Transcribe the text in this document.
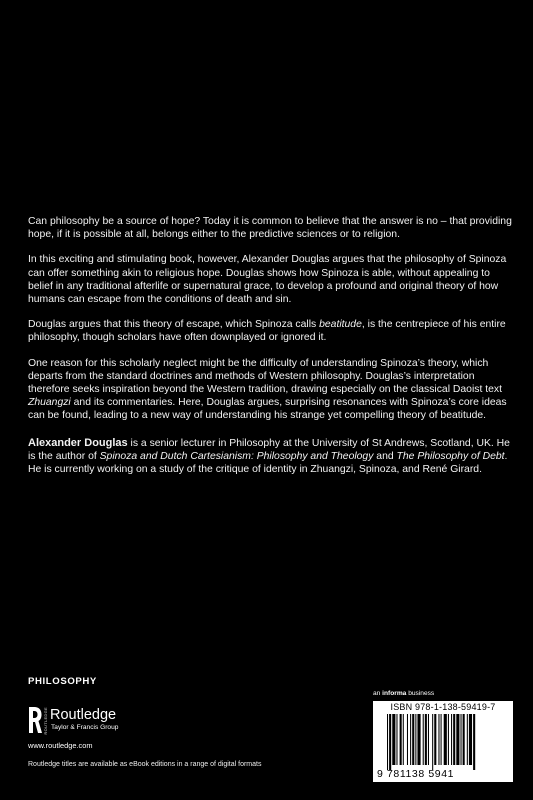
Can philosophy be a source of hope? Today it is common to believe that the answer is no – that providing hope, if it is possible at all, belongs either to the predictive sciences or to religion.

In this exciting and stimulating book, however, Alexander Douglas argues that the philosophy of Spinoza can offer something akin to religious hope. Douglas shows how Spinoza is able, without appealing to belief in any traditional afterlife or supernatural grace, to develop a profound and original theory of how humans can escape from the conditions of death and sin.

Douglas argues that this theory of escape, which Spinoza calls beatitude, is the centrepiece of his entire philosophy, though scholars have often downplayed or ignored it.

One reason for this scholarly neglect might be the difficulty of understanding Spinoza’s theory, which departs from the standard doctrines and methods of Western philosophy. Douglas’s interpretation therefore seeks inspiration beyond the Western tradition, drawing especially on the classical Daoist text Zhuangzi and its commentaries. Here, Douglas argues, surprising resonances with Spinoza’s core ideas can be found, leading to a new way of understanding his strange yet compelling theory of beatitude.

Alexander Douglas is a senior lecturer in Philosophy at the University of St Andrews, Scotland, UK. He is the author of Spinoza and Dutch Cartesianism: Philosophy and Theology and The Philosophy of Debt. He is currently working on a study of the critique of identity in Zhuangzi, Spinoza, and René Girard.

PHILOSOPHY
ROUTLEDGE Routledge
Taylor & Francis Group
www.routledge.com
Routledge titles are available as eBook editions in a range of digital formats
an informa business
ISBN 978-1-138-59419-7
9 781138 5941
